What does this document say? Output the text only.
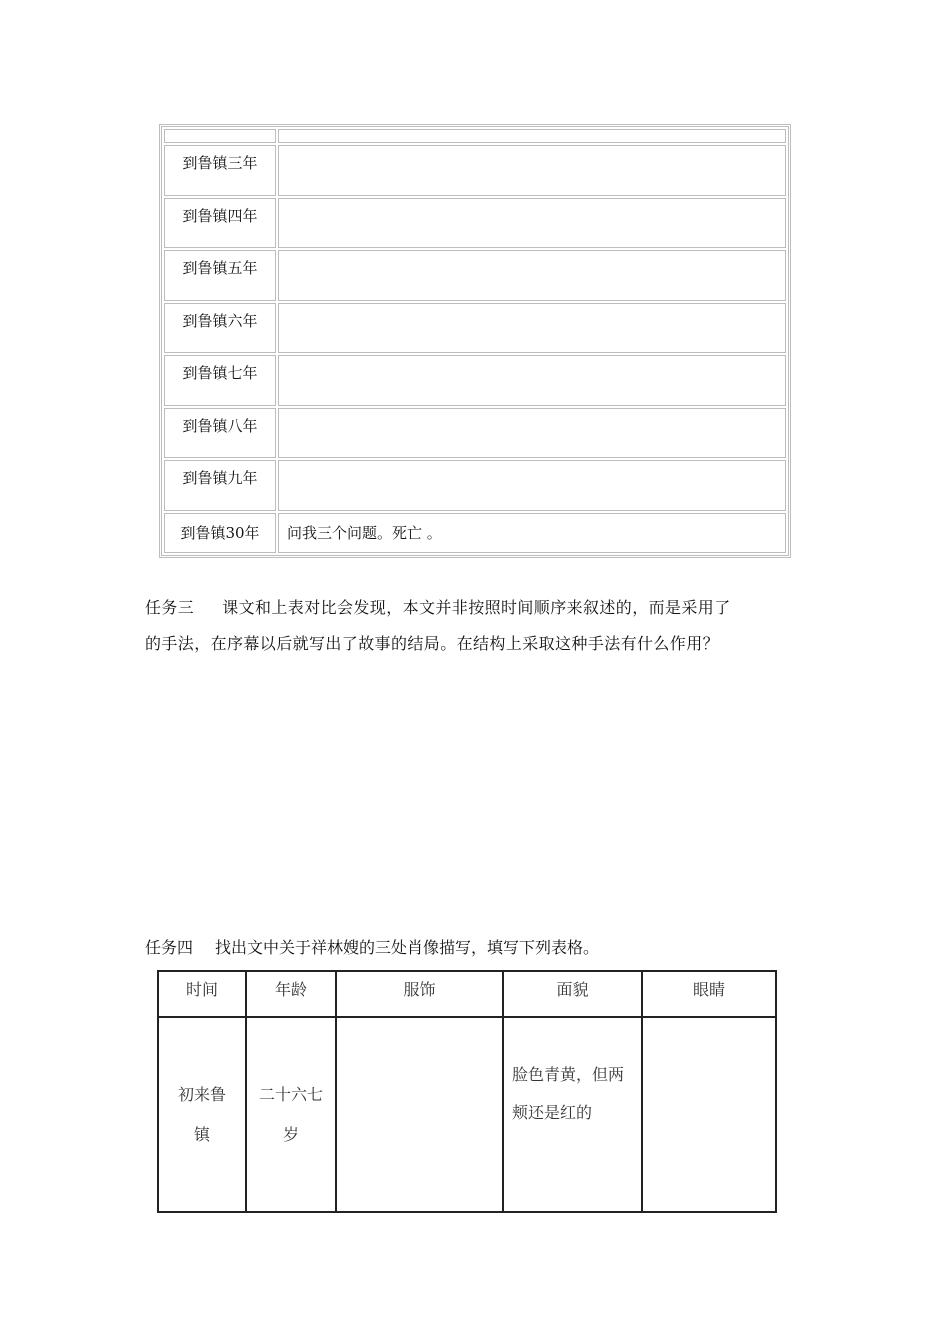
到鲁镇三年	
到鲁镇四年	
到鲁镇五年	
到鲁镇六年	
到鲁镇七年	
到鲁镇八年	
到鲁镇九年	
到鲁镇30年	问我三个问题。死亡 。
任务三 课文和上表对比会发现，本文并非按照时间顺序来叙述的，而是采用了
的手法，在序幕以后就写出了故事的结局。在结构上采取这种手法有什么作用？
任务四 找出文中关于祥林嫂的三处肖像描写，填写下列表格。
时间	年龄	服饰	面貌	眼睛
初来鲁
镇	二十六七
岁		脸色青黄，但两
颊还是红的	
